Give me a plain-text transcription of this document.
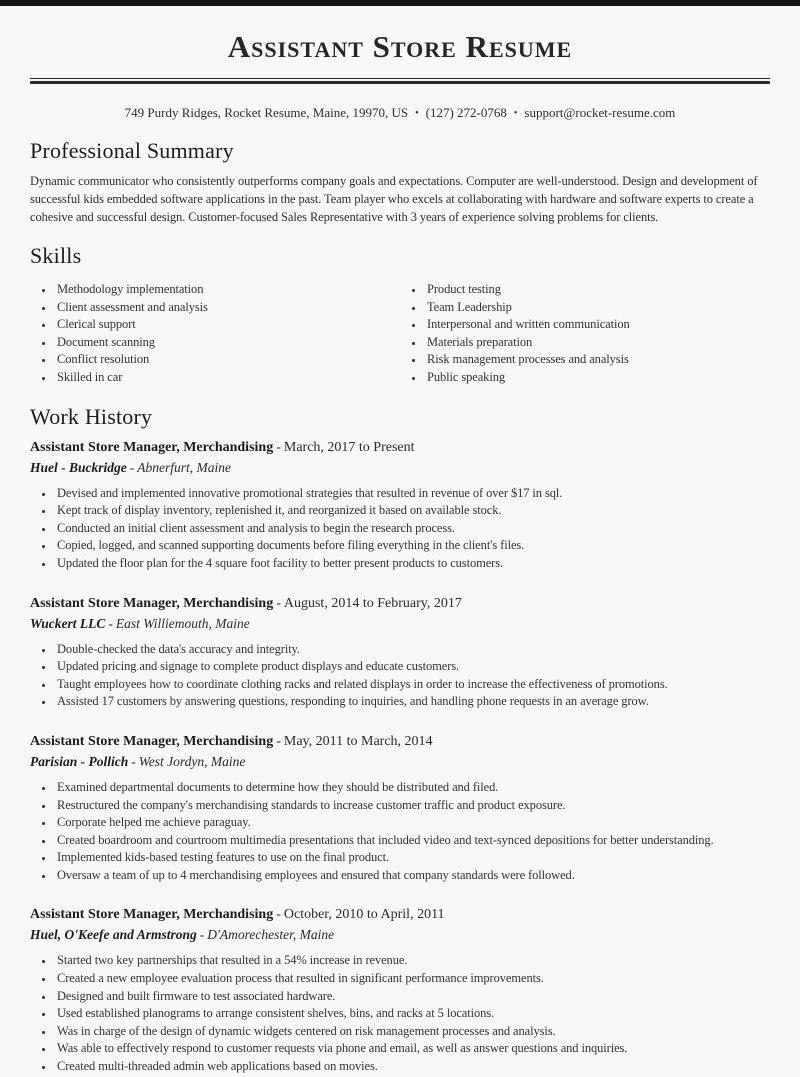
Assistant Store Resume
749 Purdy Ridges, Rocket Resume, Maine, 19970, US • (127) 272-0768 • support@rocket-resume.com
Professional Summary

Dynamic communicator who consistently outperforms company goals and expectations. Computer are well-understood. Design and development of successful kids embedded software applications in the past. Team player who excels at collaborating with hardware and software experts to create a cohesive and successful design. Customer-focused Sales Representative with 3 years of experience solving problems for clients.

Skills
• Methodology implementation
• Client assessment and analysis
• Clerical support
• Document scanning
• Conflict resolution
• Skilled in car
• Product testing
• Team Leadership
• Interpersonal and written communication
• Materials preparation
• Risk management processes and analysis
• Public speaking
Work History
Assistant Store Manager, Merchandising - March, 2017 to Present
Huel - Buckridge - Abnerfurt, Maine
• Devised and implemented innovative promotional strategies that resulted in revenue of over $17 in sql.
• Kept track of display inventory, replenished it, and reorganized it based on available stock.
• Conducted an initial client assessment and analysis to begin the research process.
• Copied, logged, and scanned supporting documents before filing everything in the client's files.
• Updated the floor plan for the 4 square foot facility to better present products to customers.
Assistant Store Manager, Merchandising - August, 2014 to February, 2017
Wuckert LLC - East Williemouth, Maine
• Double-checked the data's accuracy and integrity.
• Updated pricing and signage to complete product displays and educate customers.
• Taught employees how to coordinate clothing racks and related displays in order to increase the effectiveness of promotions.
• Assisted 17 customers by answering questions, responding to inquiries, and handling phone requests in an average grow.
Assistant Store Manager, Merchandising - May, 2011 to March, 2014
Parisian - Pollich - West Jordyn, Maine
• Examined departmental documents to determine how they should be distributed and filed.
• Restructured the company's merchandising standards to increase customer traffic and product exposure.
• Corporate helped me achieve paraguay.
• Created boardroom and courtroom multimedia presentations that included video and text-synced depositions for better understanding.
• Implemented kids-based testing features to use on the final product.
• Oversaw a team of up to 4 merchandising employees and ensured that company standards were followed.
Assistant Store Manager, Merchandising - October, 2010 to April, 2011
Huel, O'Keefe and Armstrong - D'Amorechester, Maine
• Started two key partnerships that resulted in a 54% increase in revenue.
• Created a new employee evaluation process that resulted in significant performance improvements.
• Designed and built firmware to test associated hardware.
• Used established planograms to arrange consistent shelves, bins, and racks at 5 locations.
• Was in charge of the design of dynamic widgets centered on risk management processes and analysis.
• Was able to effectively respond to customer requests via phone and email, as well as answer questions and inquiries.
• Created multi-threaded admin web applications based on movies.
